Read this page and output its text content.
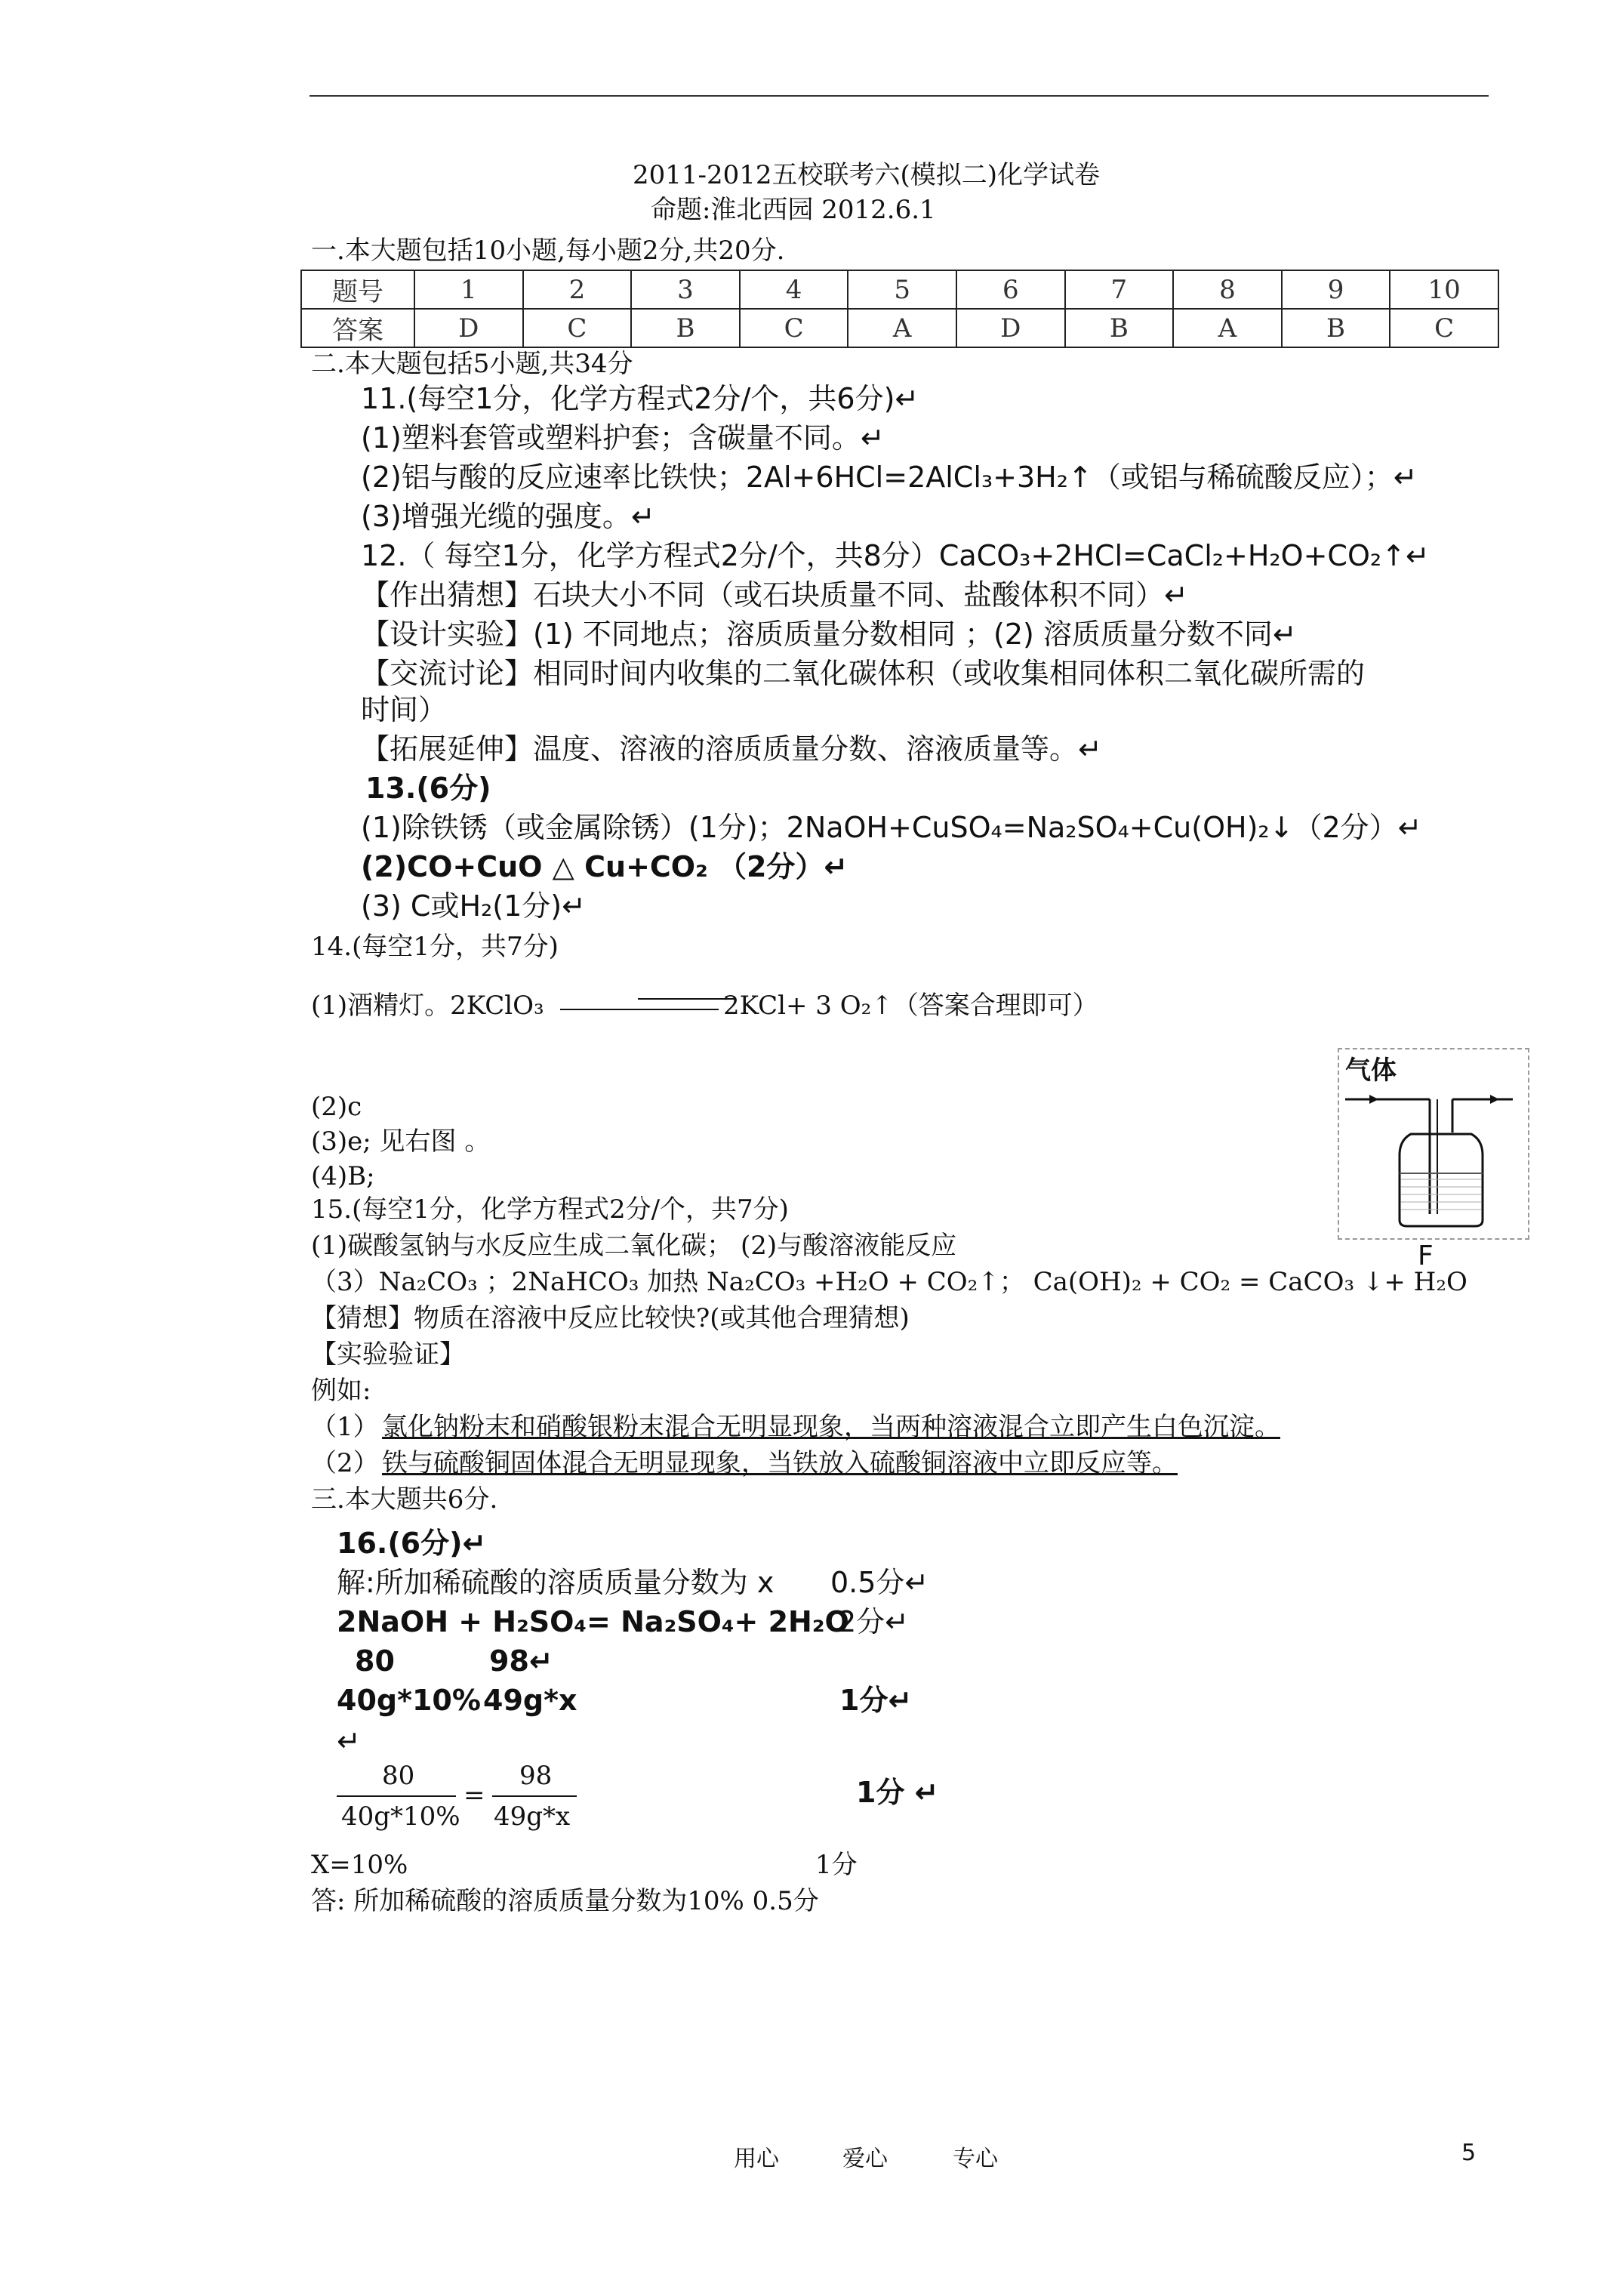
2011-2012五校联考六(模拟二)化学试卷
命题:淮北西园 2012.6.1
一.本大题包括10小题,每小题2分,共20分.
题号	1	2	3	4	5	6	7	8	9	10
答案	D	C	B	C	A	D	B	A	B	C
二.本大题包括5小题,共34分
11.(每空1分，化学方程式2分/个，共6分)↵
(1)塑料套管或塑料护套；含碳量不同。↵
(2)铝与酸的反应速率比铁快；2Al+6HCl=2AlCl₃+3H₂↑（或铝与稀硫酸反应）；↵
(3)增强光缆的强度。↵
12.（ 每空1分，化学方程式2分/个，共8分）CaCO₃+2HCl=CaCl₂+H₂O+CO₂↑↵
【作出猜想】石块大小不同（或石块质量不同、盐酸体积不同）↵
【设计实验】(1) 不同地点；溶质质量分数相同 ；(2) 溶质质量分数不同↵
【交流讨论】相同时间内收集的二氧化碳体积（或收集相同体积二氧化碳所需的
时间）
【拓展延伸】温度、溶液的溶质质量分数、溶液质量等。↵
13.(6分)
(1)除铁锈（或金属除锈）(1分)；2NaOH+CuSO₄=Na₂SO₄+Cu(OH)₂↓（2分）↵
(2)CO+CuO △ Cu+CO₂ （2分）↵
(3) C或H₂(1分)↵
14.(每空1分，共7分)
(1)酒精灯。2KClO₃	2KCl+ 3 O₂↑（答案合理即可）
(2)c
(3)e; 见右图 。
(4)B;
气体
F
15.(每空1分，化学方程式2分/个，共7分)
(1)碳酸氢钠与水反应生成二氧化碳； (2)与酸溶液能反应
（3）Na₂CO₃ ；2NaHCO₃ 加热 Na₂CO₃ +H₂O + CO₂↑； Ca(OH)₂ + CO₂ = CaCO₃ ↓+ H₂O
【猜想】物质在溶液中反应比较快?(或其他合理猜想)
【实验验证】
例如:
（1） 氯化钠粉末和硝酸银粉末混合无明显现象，当两种溶液混合立即产生白色沉淀。
（2） 铁与硫酸铜固体混合无明显现象，当铁放入硫酸铜溶液中立即反应等。
三.本大题共6分.
16.(6分)↵
解:所加稀硫酸的溶质质量分数为 x 0.5分↵
2NaOH + H₂SO₄= Na₂SO₄+ 2H₂O
2分↵
80	98↵
40g*10% 49g*x	1分↵
↵
80
40g*10%
=
98
49g*x
1分 ↵
X=10%	1分
答: 所加稀硫酸的溶质质量分数为10% 0.5分
用心	爱心	专心	5
